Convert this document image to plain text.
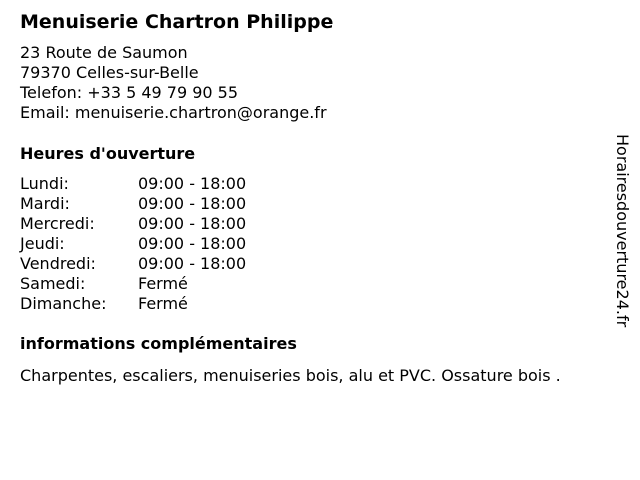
Menuiserie Chartron Philippe
23 Route de Saumon
79370 Celles-sur-Belle
Telefon: +33 5 49 79 90 55
Email: menuiserie.chartron@orange.fr
Heures d'ouverture
Lundi:	09:00 - 18:00
Mardi:	09:00 - 18:00
Mercredi:	09:00 - 18:00
Jeudi:	09:00 - 18:00
Vendredi:	09:00 - 18:00
Samedi:	Fermé
Dimanche: Fermé
informations complémentaires
Charpentes, escaliers, menuiseries bois, alu et PVC. Ossature bois .
Horairesdouverture24.fr
